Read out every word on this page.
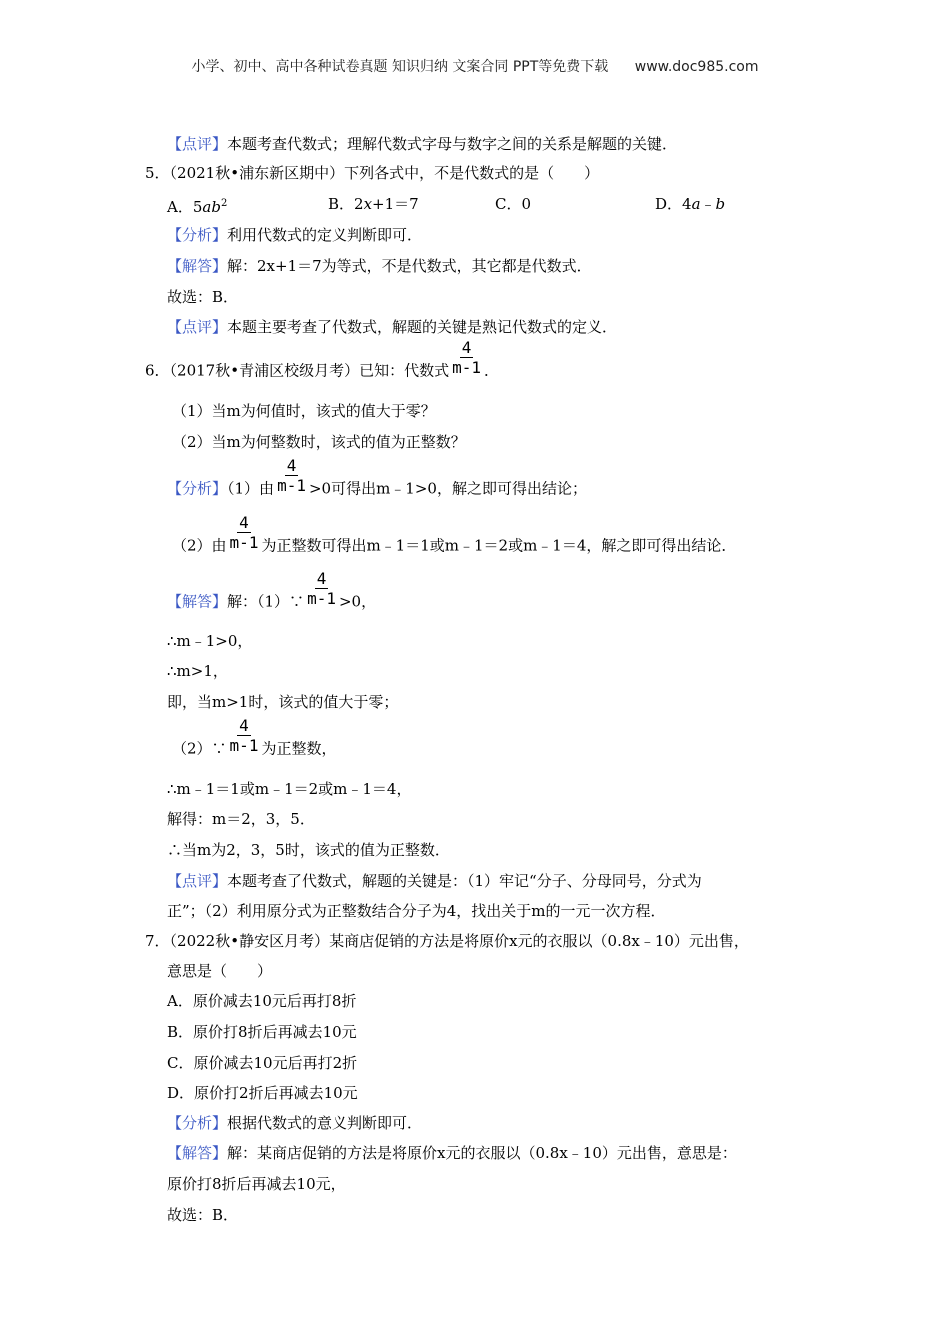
小学、初中、高中各种试卷真题 知识归纳 文案合同 PPT等免费下载 www.doc985.com
【点评】本题考查代数式；理解代数式字母与数字之间的关系是解题的关键．
5．（2021秋•浦东新区期中）下列各式中，不是代数式的是（　　）
A．$5ab^2$	B．2x+1＝7	C．0	D．4a﹣b
【分析】利用代数式的定义判断即可．
【解答】解：2x+1＝7为等式，不是代数式，其它都是代数式．
故选：B．
【点评】本题主要考查了代数式，解题的关键是熟记代数式的定义．
6．（2017秋•青浦区校级月考）已知：代数式 $\frac{4}{m-1}$ ．
（1）当m为何值时，该式的值大于零？
（2）当m为何整数时，该式的值为正整数？
【分析】（1）由 $\frac{4}{m-1} >0$可得出m﹣1>0，解之即可得出结论；
（2）由 $\frac{4}{m-1}$ 为正整数可得出m﹣1＝1或m﹣1＝2或m﹣1＝4，解之即可得出结论．
【解答】解：（1）∵ $\frac{4}{m-1} >0$，
∴m﹣1>0，
∴m>1，
即，当m>1时，该式的值大于零；
（2）∵ $\frac{4}{m-1}$ 为正整数，
∴m﹣1＝1或m﹣1＝2或m﹣1＝4，
解得：m＝2，3，5．
∴当m为2，3，5时，该式的值为正整数．
【点评】本题考查了代数式，解题的关键是：（1）牢记“分子、分母同号，分式为
正”；（2）利用原分式为正整数结合分子为4，找出关于m的一元一次方程．
7．（2022秋•静安区月考）某商店促销的方法是将原价x元的衣服以（0.8x﹣10）元出售，
意思是（　　）
A．原价减去10元后再打8折
B．原价打8折后再减去10元
C．原价减去10元后再打2折
D．原价打2折后再减去10元
【分析】根据代数式的意义判断即可．
【解答】解：某商店促销的方法是将原价x元的衣服以（0.8x﹣10）元出售，意思是：
原价打8折后再减去10元，
故选：B．
